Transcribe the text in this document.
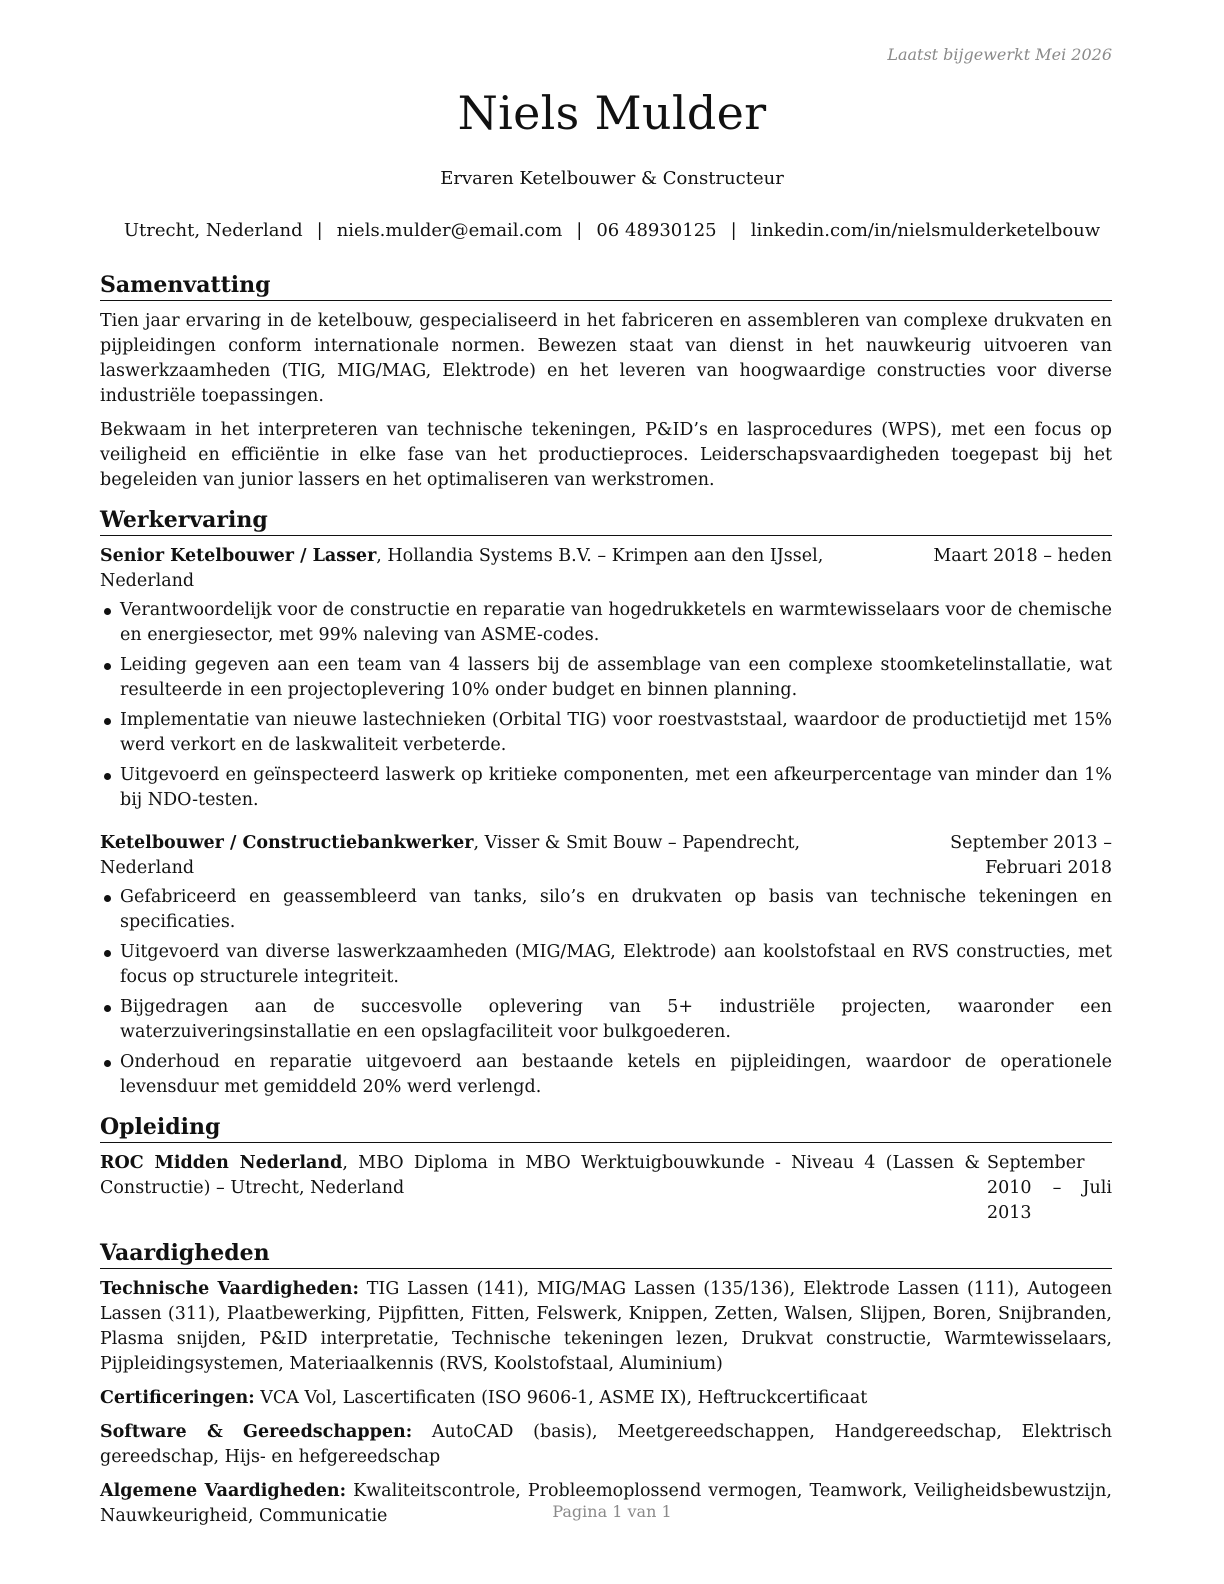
Laatst bijgewerkt Mei 2026
Niels Mulder
Ervaren Ketelbouwer & Constructeur
Utrecht, Nederland | niels.mulder@email.com | 06 48930125 | linkedin.com/in/nielsmulderketelbouw
Samenvatting

Tien jaar ervaring in de ketelbouw, gespecialiseerd in het fabriceren en assembleren van complexe drukvaten en pijpleidingen conform internationale normen. Bewezen staat van dienst in het nauwkeurig uitvoeren van laswerkzaamheden (TIG, MIG/MAG, Elektrode) en het leveren van hoogwaardige constructies voor diverse industriële toepassingen.

Bekwaam in het interpreteren van technische tekeningen, P&ID’s en lasprocedures (WPS), met een focus op veiligheid en efficiëntie in elke fase van het productieproces. Leiderschapsvaardigheden toegepast bij het begeleiden van junior lassers en het optimaliseren van werkstromen.

Werkervaring
Senior Ketelbouwer / Lasser, Hollandia Systems B.V. – Krimpen aan den IJssel, Nederland
Maart 2018 – heden
Verantwoordelijk voor de constructie en reparatie van hogedrukketels en warmtewisselaars voor de chemische en energiesector, met 99% naleving van ASME-codes.
Leiding gegeven aan een team van 4 lassers bij de assemblage van een complexe stoomketelinstallatie, wat resulteerde in een projectoplevering 10% onder budget en binnen planning.
Implementatie van nieuwe lastechnieken (Orbital TIG) voor roestvaststaal, waardoor de productietijd met 15% werd verkort en de laskwaliteit verbeterde.
Uitgevoerd en geïnspecteerd laswerk op kritieke componenten, met een afkeurpercentage van minder dan 1% bij NDO-testen.
Ketelbouwer / Constructiebankwerker, Visser & Smit Bouw – Papendrecht, Nederland
September 2013 – Februari 2018
Gefabriceerd en geassembleerd van tanks, silo’s en drukvaten op basis van technische tekeningen en specificaties.
Uitgevoerd van diverse laswerkzaamheden (MIG/MAG, Elektrode) aan koolstofstaal en RVS constructies, met focus op structurele integriteit.
Bijgedragen aan de succesvolle oplevering van 5+ industriële projecten, waaronder een waterzuiveringsinstallatie en een opslagfaciliteit voor bulkgoederen.
Onderhoud en reparatie uitgevoerd aan bestaande ketels en pijpleidingen, waardoor de operationele levensduur met gemiddeld 20% werd verlengd.
Opleiding
ROC Midden Nederland, MBO Diploma in MBO Werktuigbouwkunde - Niveau 4 (Lassen & Constructie) – Utrecht, Nederland
September 2010 – Juli 2013
Vaardigheden

Technische Vaardigheden: TIG Lassen (141), MIG/MAG Lassen (135/136), Elektrode Lassen (111), Autogeen Lassen (311), Plaatbewerking, Pijpfitten, Fitten, Felswerk, Knippen, Zetten, Walsen, Slijpen, Boren, Snijbranden, Plasma snijden, P&ID interpretatie, Technische tekeningen lezen, Drukvat constructie, Warmtewisselaars, Pijpleidingsystemen, Materiaalkennis (RVS, Koolstofstaal, Aluminium)

Certificeringen: VCA Vol, Lascertificaten (ISO 9606-1, ASME IX), Heftruckcertificaat

Software & Gereedschappen: AutoCAD (basis), Meetgereedschappen, Handgereedschap, Elektrisch gereedschap, Hijs- en hefgereedschap

Algemene Vaardigheden: Kwaliteitscontrole, Probleemoplossend vermogen, Teamwork, Veiligheidsbewustzijn, Nauwkeurigheid, Communicatie	Pagina 1 van 1
